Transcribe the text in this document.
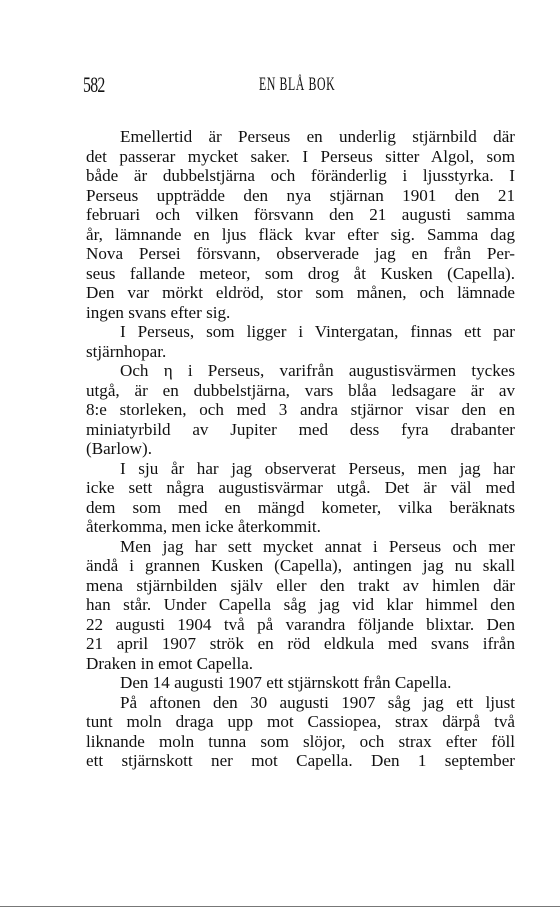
582	EN BLÅ BOK
Emellertid är Perseus en underlig stjärnbild där
det passerar mycket saker. I Perseus sitter Algol, som
både är dubbelstjärna och föränderlig i ljusstyrka. I
Perseus uppträdde den nya stjärnan 1901 den 21
februari och vilken försvann den 21 augusti samma
år, lämnande en ljus fläck kvar efter sig. Samma dag
Nova Persei försvann, observerade jag en från Per-
seus fallande meteor, som drog åt Kusken (Capella).
Den var mörkt eldröd, stor som månen, och lämnade
ingen svans efter sig.
I Perseus, som ligger i Vintergatan, finnas ett par
stjärnhopar.
Och η i Perseus, varifrån augustisvärmen tyckes
utgå, är en dubbelstjärna, vars blåa ledsagare är av
8:e storleken, och med 3 andra stjärnor visar den en
miniatyrbild av Jupiter med dess fyra drabanter
(Barlow).
I sju år har jag observerat Perseus, men jag har
icke sett några augustisvärmar utgå. Det är väl med
dem som med en mängd kometer, vilka beräknats
återkomma, men icke återkommit.
Men jag har sett mycket annat i Perseus och mer
ändå i grannen Kusken (Capella), antingen jag nu skall
mena stjärnbilden själv eller den trakt av himlen där
han står. Under Capella såg jag vid klar himmel den
22 augusti 1904 två på varandra följande blixtar. Den
21 april 1907 strök en röd eldkula med svans ifrån
Draken in emot Capella.
Den 14 augusti 1907 ett stjärnskott från Capella.
På aftonen den 30 augusti 1907 såg jag ett ljust
tunt moln draga upp mot Cassiopea, strax därpå två
liknande moln tunna som slöjor, och strax efter föll
ett stjärnskott ner mot Capella. Den 1 september
